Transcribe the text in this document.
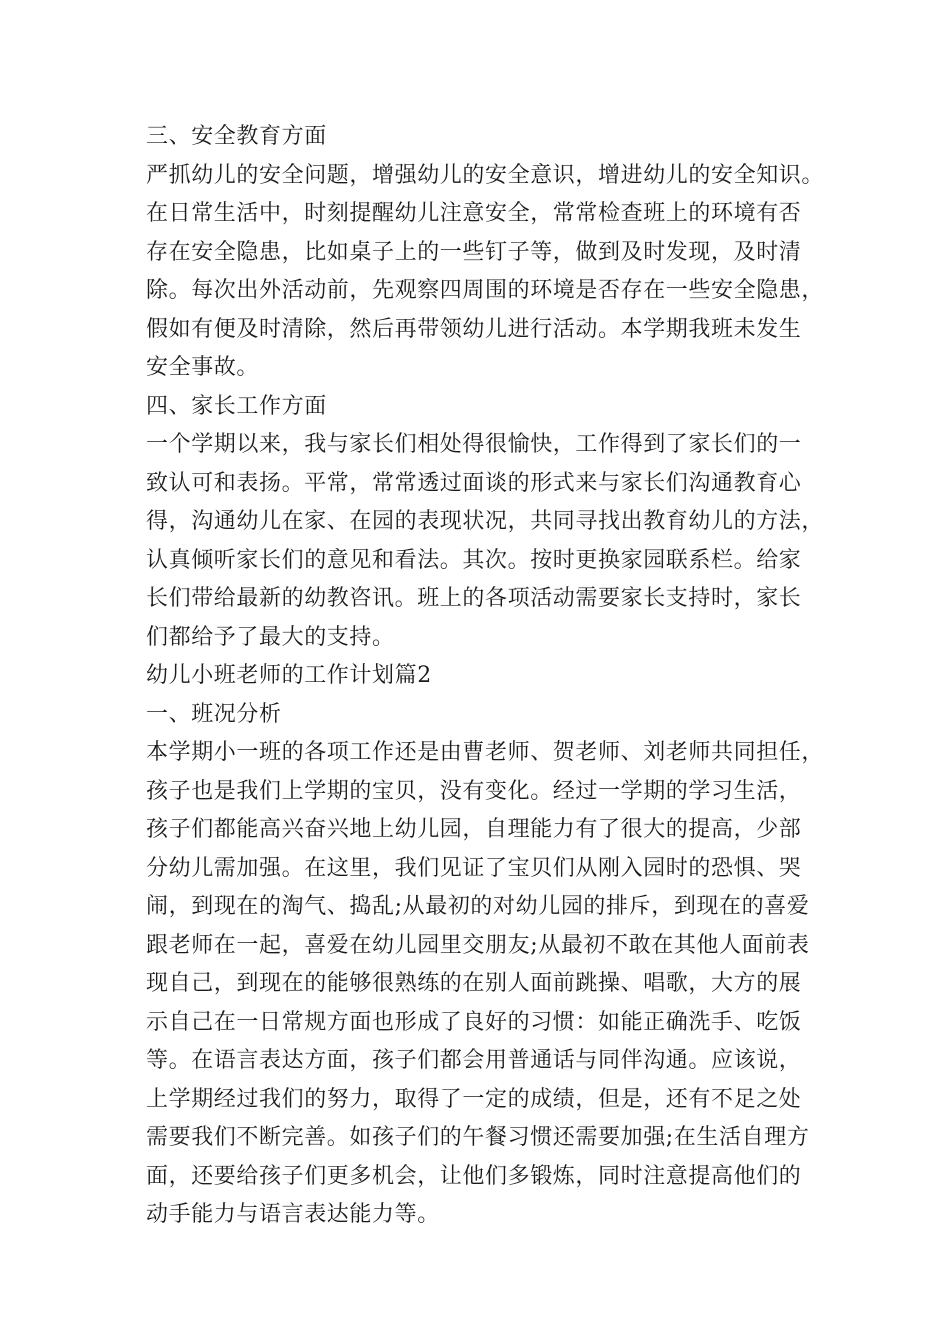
三、安全教育方面
严抓幼儿的安全问题，增强幼儿的安全意识，增进幼儿的安全知识。
在日常生活中，时刻提醒幼儿注意安全，常常检查班上的环境有否
存在安全隐患，比如桌子上的一些钉子等，做到及时发现，及时清
除。每次出外活动前，先观察四周围的环境是否存在一些安全隐患，
假如有便及时清除，然后再带领幼儿进行活动。本学期我班未发生
安全事故。
四、家长工作方面
一个学期以来，我与家长们相处得很愉快，工作得到了家长们的一
致认可和表扬。平常，常常透过面谈的形式来与家长们沟通教育心
得，沟通幼儿在家、在园的表现状况，共同寻找出教育幼儿的方法，
认真倾听家长们的意见和看法。其次。按时更换家园联系栏。给家
长们带给最新的幼教咨讯。班上的各项活动需要家长支持时，家长
们都给予了最大的支持。
幼儿小班老师的工作计划篇2
一、班况分析
本学期小一班的各项工作还是由曹老师、贺老师、刘老师共同担任，
孩子也是我们上学期的宝贝，没有变化。经过一学期的学习生活，
孩子们都能高兴奋兴地上幼儿园，自理能力有了很大的提高，少部
分幼儿需加强。在这里，我们见证了宝贝们从刚入园时的恐惧、哭
闹，到现在的淘气、捣乱;从最初的对幼儿园的排斥，到现在的喜爱
跟老师在一起，喜爱在幼儿园里交朋友;从最初不敢在其他人面前表
现自己，到现在的能够很熟练的在别人面前跳操、唱歌，大方的展
示自己在一日常规方面也形成了良好的习惯：如能正确洗手、吃饭
等。在语言表达方面，孩子们都会用普通话与同伴沟通。应该说，
上学期经过我们的努力，取得了一定的成绩，但是，还有不足之处
需要我们不断完善。如孩子们的午餐习惯还需要加强;在生活自理方
面，还要给孩子们更多机会，让他们多锻炼，同时注意提高他们的
动手能力与语言表达能力等。
